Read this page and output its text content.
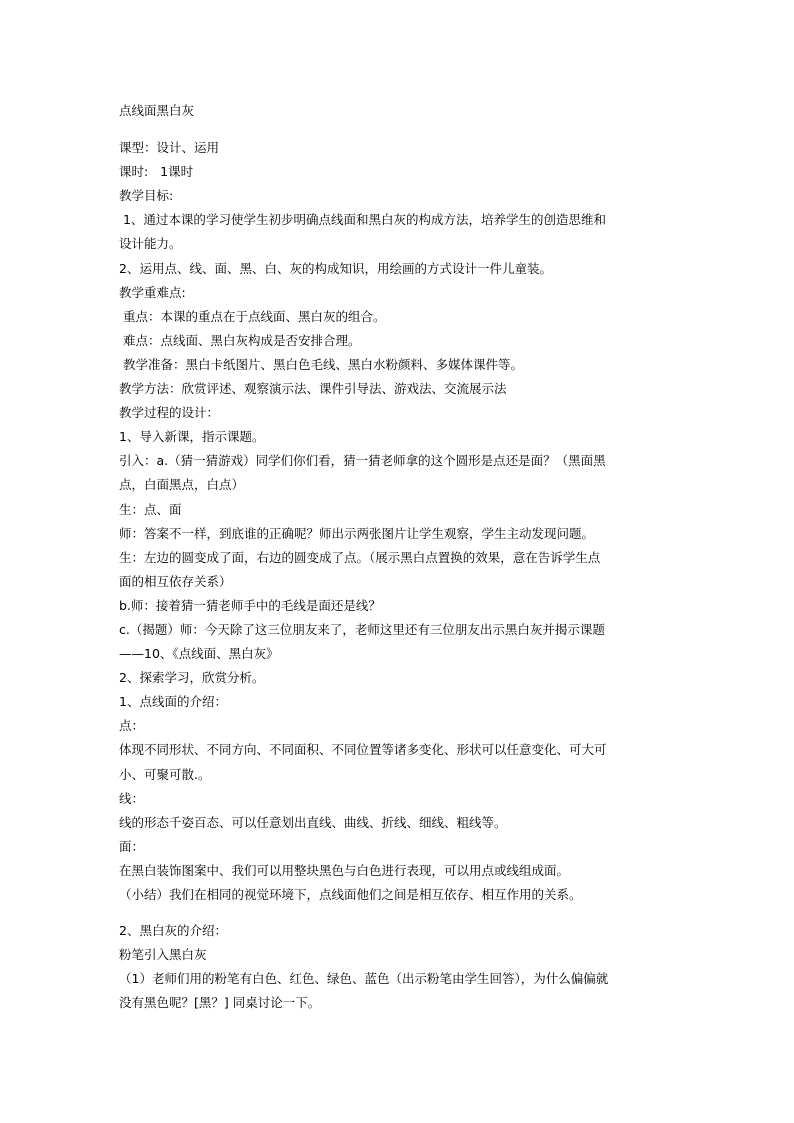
点线面黑白灰

课型：设计、运用

课时:   1课时

教学目标:

1、通过本课的学习使学生初步明确点线面和黑白灰的构成方法，培养学生的创造思维和

设计能力。

2、运用点、线、面、黑、白、灰的构成知识，用绘画的方式设计一件儿童装。

教学重难点:

重点：本课的重点在于点线面、黑白灰的组合。

难点：点线面、黑白灰构成是否安排合理。

教学准备：黑白卡纸图片、黑白色毛线、黑白水粉颜料、多媒体课件等。

教学方法：欣赏评述、观察演示法、课件引导法、游戏法、交流展示法

教学过程的设计：

1、导入新课，指示课题。

引入：a.（猜一猜游戏）同学们你们看，猜一猜老师拿的这个圆形是点还是面？（黑面黑

点，白面黑点，白点）

生：点、面

师：答案不一样，到底谁的正确呢？师出示两张图片让学生观察，学生主动发现问题。

生：左边的圆变成了面，右边的圆变成了点。（展示黑白点置换的效果，意在告诉学生点

面的相互依存关系）

b.师：接着猜一猜老师手中的毛线是面还是线？

c.（揭题）师：今天除了这三位朋友来了，老师这里还有三位朋友出示黑白灰并揭示课题

——10、《点线面、黑白灰》

2、探索学习，欣赏分析。

1、点线面的介绍：

点：

体现不同形状、不同方向、不同面积、不同位置等诸多变化、形状可以任意变化、可大可

小、可聚可散.。

线：

线的形态千姿百态、可以任意划出直线、曲线、折线、细线、粗线等。

面：

在黑白装饰图案中、我们可以用整块黑色与白色进行表现，可以用点或线组成面。

（小结）我们在相同的视觉环境下，点线面他们之间是相互依存、相互作用的关系。

2、黑白灰的介绍：

粉笔引入黑白灰

（1）老师们用的粉笔有白色、红色、绿色、蓝色（出示粉笔由学生回答），为什么偏偏就

没有黑色呢？[黑？] 同桌讨论一下。
